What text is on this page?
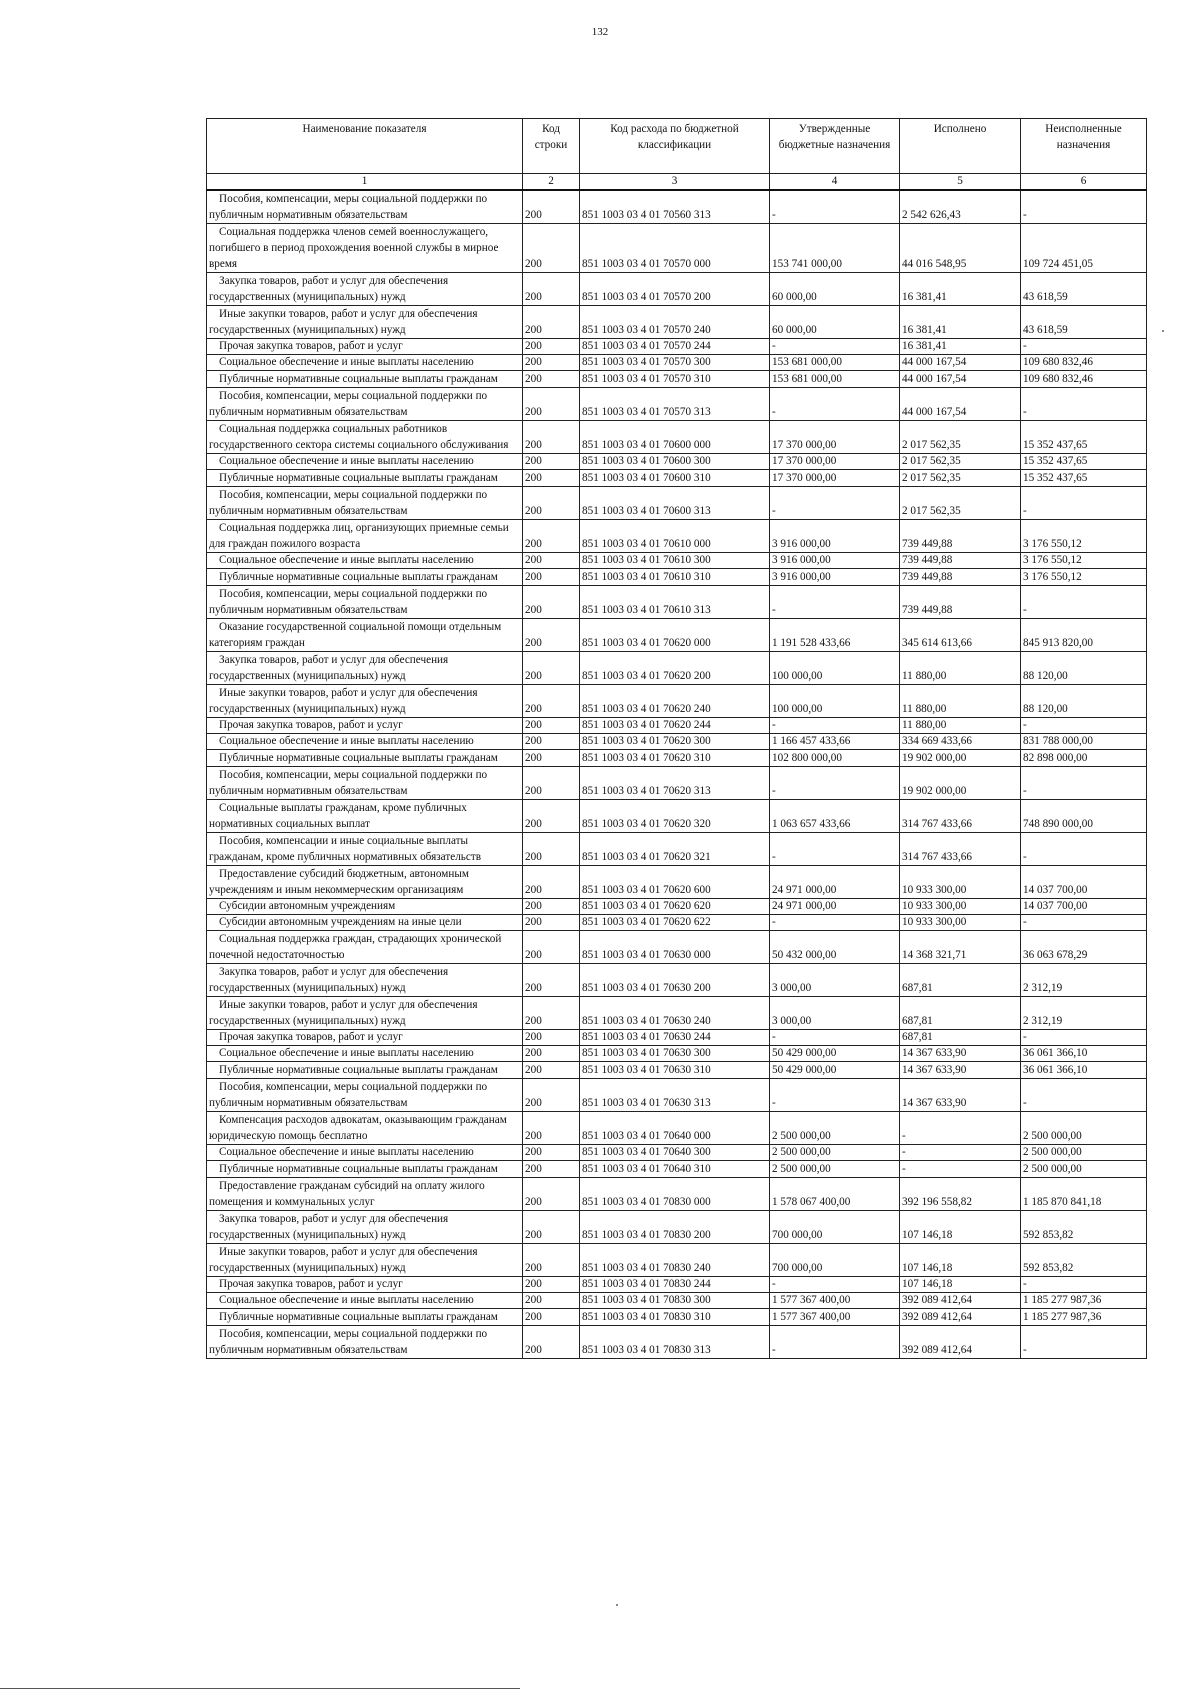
132
Наименование показателя	Код строки	Код расхода по бюджетной классификации	Утвержденные бюджетные назначения	Исполнено	Неисполненные назначения
1	2	3	4	5	6

Пособия, компенсации, меры социальной поддержки по публичным нормативным обязательствам	200	851 1003 03 4 01 70560 313	-	2 542 626,43	-

Социальная поддержка членов семей военнослужащего, погибшего в период прохождения военной службы в мирное время	200	851 1003 03 4 01 70570 000	153 741 000,00	44 016 548,95	109 724 451,05

Закупка товаров, работ и услуг для обеспечения государственных (муниципальных) нужд	200	851 1003 03 4 01 70570 200	60 000,00	16 381,41	43 618,59

Иные закупки товаров, работ и услуг для обеспечения государственных (муниципальных) нужд	200	851 1003 03 4 01 70570 240	60 000,00	16 381,41	43 618,59

Прочая закупка товаров, работ и услуг	200	851 1003 03 4 01 70570 244	-	16 381,41	-

Социальное обеспечение и иные выплаты населению	200	851 1003 03 4 01 70570 300	153 681 000,00	44 000 167,54	109 680 832,46

Публичные нормативные социальные выплаты гражданам	200	851 1003 03 4 01 70570 310	153 681 000,00	44 000 167,54	109 680 832,46

Пособия, компенсации, меры социальной поддержки по публичным нормативным обязательствам	200	851 1003 03 4 01 70570 313	-	44 000 167,54	-

Социальная поддержка социальных работников государственного сектора системы социального обслуживания	200	851 1003 03 4 01 70600 000	17 370 000,00	2 017 562,35	15 352 437,65

Социальное обеспечение и иные выплаты населению	200	851 1003 03 4 01 70600 300	17 370 000,00	2 017 562,35	15 352 437,65

Публичные нормативные социальные выплаты гражданам	200	851 1003 03 4 01 70600 310	17 370 000,00	2 017 562,35	15 352 437,65

Пособия, компенсации, меры социальной поддержки по публичным нормативным обязательствам	200	851 1003 03 4 01 70600 313	-	2 017 562,35	-

Социальная поддержка лиц, организующих приемные семьи для граждан пожилого возраста	200	851 1003 03 4 01 70610 000	3 916 000,00	739 449,88	3 176 550,12

Социальное обеспечение и иные выплаты населению	200	851 1003 03 4 01 70610 300	3 916 000,00	739 449,88	3 176 550,12

Публичные нормативные социальные выплаты гражданам	200	851 1003 03 4 01 70610 310	3 916 000,00	739 449,88	3 176 550,12

Пособия, компенсации, меры социальной поддержки по публичным нормативным обязательствам	200	851 1003 03 4 01 70610 313	-	739 449,88	-

Оказание государственной социальной помощи отдельным категориям граждан	200	851 1003 03 4 01 70620 000	1 191 528 433,66	345 614 613,66	845 913 820,00

Закупка товаров, работ и услуг для обеспечения государственных (муниципальных) нужд	200	851 1003 03 4 01 70620 200	100 000,00	11 880,00	88 120,00

Иные закупки товаров, работ и услуг для обеспечения государственных (муниципальных) нужд	200	851 1003 03 4 01 70620 240	100 000,00	11 880,00	88 120,00

Прочая закупка товаров, работ и услуг	200	851 1003 03 4 01 70620 244	-	11 880,00	-

Социальное обеспечение и иные выплаты населению	200	851 1003 03 4 01 70620 300	1 166 457 433,66	334 669 433,66	831 788 000,00

Публичные нормативные социальные выплаты гражданам	200	851 1003 03 4 01 70620 310	102 800 000,00	19 902 000,00	82 898 000,00

Пособия, компенсации, меры социальной поддержки по публичным нормативным обязательствам	200	851 1003 03 4 01 70620 313	-	19 902 000,00	-

Социальные выплаты гражданам, кроме публичных нормативных социальных выплат	200	851 1003 03 4 01 70620 320	1 063 657 433,66	314 767 433,66	748 890 000,00

Пособия, компенсации и иные социальные выплаты гражданам, кроме публичных нормативных обязательств	200	851 1003 03 4 01 70620 321	-	314 767 433,66	-

Предоставление субсидий бюджетным, автономным учреждениям и иным некоммерческим организациям	200	851 1003 03 4 01 70620 600	24 971 000,00	10 933 300,00	14 037 700,00

Субсидии автономным учреждениям	200	851 1003 03 4 01 70620 620	24 971 000,00	10 933 300,00	14 037 700,00

Субсидии автономным учреждениям на иные цели	200	851 1003 03 4 01 70620 622	-	10 933 300,00	-

Социальная поддержка граждан, страдающих хронической почечной недостаточностью	200	851 1003 03 4 01 70630 000	50 432 000,00	14 368 321,71	36 063 678,29

Закупка товаров, работ и услуг для обеспечения государственных (муниципальных) нужд	200	851 1003 03 4 01 70630 200	3 000,00	687,81	2 312,19

Иные закупки товаров, работ и услуг для обеспечения государственных (муниципальных) нужд	200	851 1003 03 4 01 70630 240	3 000,00	687,81	2 312,19

Прочая закупка товаров, работ и услуг	200	851 1003 03 4 01 70630 244	-	687,81	-

Социальное обеспечение и иные выплаты населению	200	851 1003 03 4 01 70630 300	50 429 000,00	14 367 633,90	36 061 366,10

Публичные нормативные социальные выплаты гражданам	200	851 1003 03 4 01 70630 310	50 429 000,00	14 367 633,90	36 061 366,10

Пособия, компенсации, меры социальной поддержки по публичным нормативным обязательствам	200	851 1003 03 4 01 70630 313	-	14 367 633,90	-

Компенсация расходов адвокатам, оказывающим гражданам юридическую помощь бесплатно	200	851 1003 03 4 01 70640 000	2 500 000,00	-	2 500 000,00

Социальное обеспечение и иные выплаты населению	200	851 1003 03 4 01 70640 300	2 500 000,00	-	2 500 000,00

Публичные нормативные социальные выплаты гражданам	200	851 1003 03 4 01 70640 310	2 500 000,00	-	2 500 000,00

Предоставление гражданам субсидий на оплату жилого помещения и коммунальных услуг	200	851 1003 03 4 01 70830 000	1 578 067 400,00	392 196 558,82	1 185 870 841,18

Закупка товаров, работ и услуг для обеспечения государственных (муниципальных) нужд	200	851 1003 03 4 01 70830 200	700 000,00	107 146,18	592 853,82

Иные закупки товаров, работ и услуг для обеспечения государственных (муниципальных) нужд	200	851 1003 03 4 01 70830 240	700 000,00	107 146,18	592 853,82

Прочая закупка товаров, работ и услуг	200	851 1003 03 4 01 70830 244	-	107 146,18	-

Социальное обеспечение и иные выплаты населению	200	851 1003 03 4 01 70830 300	1 577 367 400,00	392 089 412,64	1 185 277 987,36

Публичные нормативные социальные выплаты гражданам	200	851 1003 03 4 01 70830 310	1 577 367 400,00	392 089 412,64	1 185 277 987,36

Пособия, компенсации, меры социальной поддержки по публичным нормативным обязательствам	200	851 1003 03 4 01 70830 313	-	392 089 412,64	-
